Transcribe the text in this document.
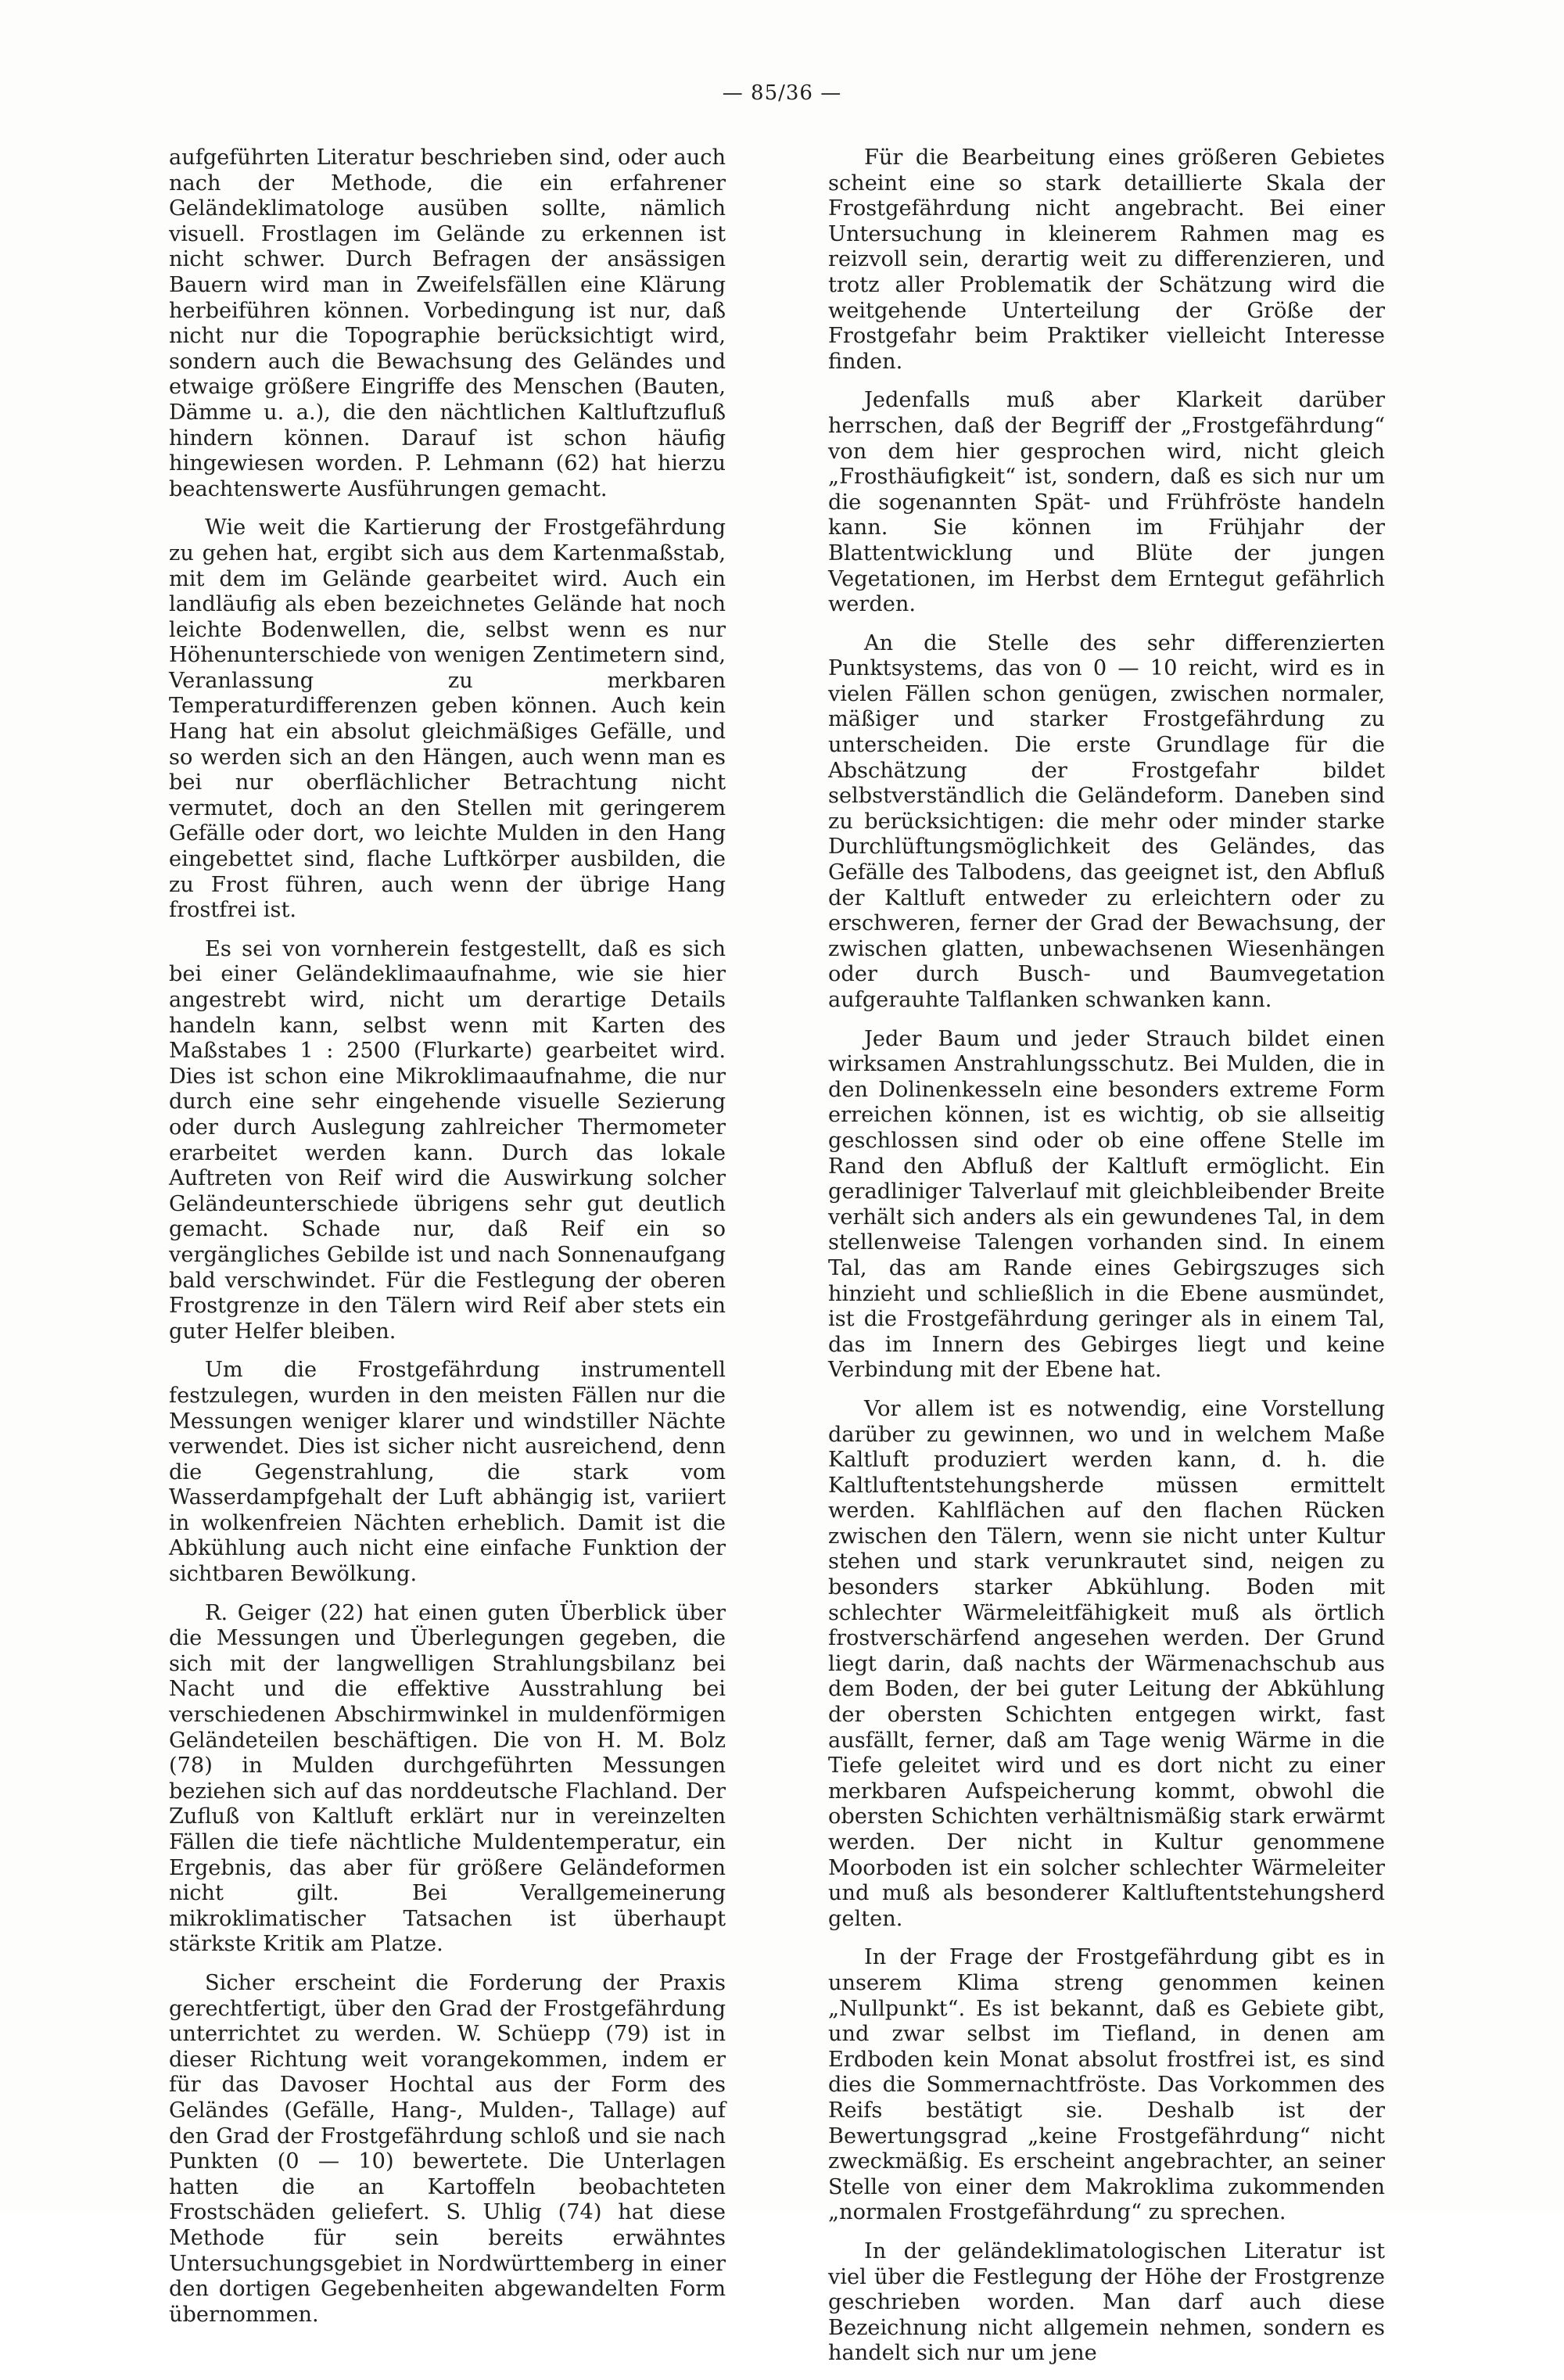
— 85/36 —

aufgeführten Literatur beschrieben sind, oder auch nach der Methode, die ein erfahrener Geländeklimatologe ausüben sollte, nämlich visuell. Frostlagen im Gelände zu erkennen ist nicht schwer. Durch Befragen der ansässigen Bauern wird man in Zweifelsfällen eine Klärung herbeiführen können. Vorbedingung ist nur, daß nicht nur die Topographie berücksichtigt wird, sondern auch die Bewachsung des Geländes und etwaige größere Eingriffe des Menschen (Bauten, Dämme u. a.), die den nächtlichen Kaltluftzufluß hindern können. Darauf ist schon häufig hingewiesen worden. P. Lehmann (62) hat hierzu beachtenswerte Ausführungen gemacht.

Wie weit die Kartierung der Frostgefährdung zu gehen hat, ergibt sich aus dem Kartenmaßstab, mit dem im Gelände gearbeitet wird. Auch ein landläufig als eben bezeichnetes Gelände hat noch leichte Bodenwellen, die, selbst wenn es nur Höhenunterschiede von wenigen Zentimetern sind, Veranlassung zu merkbaren Temperaturdifferenzen geben können. Auch kein Hang hat ein absolut gleichmäßiges Gefälle, und so werden sich an den Hängen, auch wenn man es bei nur oberflächlicher Betrachtung nicht vermutet, doch an den Stellen mit geringerem Gefälle oder dort, wo leichte Mulden in den Hang eingebettet sind, flache Luftkörper ausbilden, die zu Frost führen, auch wenn der übrige Hang frostfrei ist.

Es sei von vornherein festgestellt, daß es sich bei einer Geländeklimaaufnahme, wie sie hier angestrebt wird, nicht um derartige Details handeln kann, selbst wenn mit Karten des Maßstabes 1 : 2500 (Flurkarte) gearbeitet wird. Dies ist schon eine Mikroklimaaufnahme, die nur durch eine sehr eingehende visuelle Sezierung oder durch Auslegung zahlreicher Thermometer erarbeitet werden kann. Durch das lokale Auftreten von Reif wird die Auswirkung solcher Geländeunterschiede übrigens sehr gut deutlich gemacht. Schade nur, daß Reif ein so vergängliches Gebilde ist und nach Sonnenaufgang bald verschwindet. Für die Festlegung der oberen Frostgrenze in den Tälern wird Reif aber stets ein guter Helfer bleiben.

Um die Frostgefährdung instrumentell festzulegen, wurden in den meisten Fällen nur die Messungen weniger klarer und windstiller Nächte verwendet. Dies ist sicher nicht ausreichend, denn die Gegenstrahlung, die stark vom Wasserdampfgehalt der Luft abhängig ist, variiert in wolkenfreien Nächten erheblich. Damit ist die Abkühlung auch nicht eine einfache Funktion der sichtbaren Bewölkung.

R. Geiger (22) hat einen guten Überblick über die Messungen und Überlegungen gegeben, die sich mit der langwelligen Strahlungsbilanz bei Nacht und die effektive Ausstrahlung bei verschiedenen Abschirmwinkel in muldenförmigen Geländeteilen beschäftigen. Die von H. M. Bolz (78) in Mulden durchgeführten Messungen beziehen sich auf das norddeutsche Flachland. Der Zufluß von Kaltluft erklärt nur in vereinzelten Fällen die tiefe nächtliche Muldentemperatur, ein Ergebnis, das aber für größere Geländeformen nicht gilt. Bei Verallgemeinerung mikroklimatischer Tatsachen ist überhaupt stärkste Kritik am Platze.

Sicher erscheint die Forderung der Praxis gerechtfertigt, über den Grad der Frostgefährdung unterrichtet zu werden. W. Schüepp (79) ist in dieser Richtung weit vorangekommen, indem er für das Davoser Hochtal aus der Form des Geländes (Gefälle, Hang-, Mulden-, Tallage) auf den Grad der Frostgefährdung schloß und sie nach Punkten (0 — 10) bewertete. Die Unterlagen hatten die an Kartoffeln beobachteten Frostschäden geliefert. S. Uhlig (74) hat diese Methode für sein bereits erwähntes Untersuchungsgebiet in Nordwürttemberg in einer den dortigen Gegebenheiten abgewandelten Form übernommen.

Für die Bearbeitung eines größeren Gebietes scheint eine so stark detaillierte Skala der Frostgefährdung nicht angebracht. Bei einer Untersuchung in kleinerem Rahmen mag es reizvoll sein, derartig weit zu differenzieren, und trotz aller Problematik der Schätzung wird die weitgehende Unterteilung der Größe der Frostgefahr beim Praktiker vielleicht Interesse finden.

Jedenfalls muß aber Klarkeit darüber herrschen, daß der Begriff der „Frostgefährdung“ von dem hier gesprochen wird, nicht gleich „Frosthäufigkeit“ ist, sondern, daß es sich nur um die sogenannten Spät- und Frühfröste handeln kann. Sie können im Frühjahr der Blattentwicklung und Blüte der jungen Vegetationen, im Herbst dem Erntegut gefährlich werden.

An die Stelle des sehr differenzierten Punktsystems, das von 0 — 10 reicht, wird es in vielen Fällen schon genügen, zwischen normaler, mäßiger und starker Frostgefährdung zu unterscheiden. Die erste Grundlage für die Abschätzung der Frostgefahr bildet selbstverständlich die Geländeform. Daneben sind zu berücksichtigen: die mehr oder minder starke Durchlüftungsmöglichkeit des Geländes, das Gefälle des Talbodens, das geeignet ist, den Abfluß der Kaltluft entweder zu erleichtern oder zu erschweren, ferner der Grad der Bewachsung, der zwischen glatten, unbewachsenen Wiesenhängen oder durch Busch- und Baumvegetation aufgerauhte Talflanken schwanken kann.

Jeder Baum und jeder Strauch bildet einen wirksamen Anstrahlungsschutz. Bei Mulden, die in den Dolinenkesseln eine besonders extreme Form erreichen können, ist es wichtig, ob sie allseitig geschlossen sind oder ob eine offene Stelle im Rand den Abfluß der Kaltluft ermöglicht. Ein geradliniger Talverlauf mit gleichbleibender Breite verhält sich anders als ein gewundenes Tal, in dem stellenweise Talengen vorhanden sind. In einem Tal, das am Rande eines Gebirgszuges sich hinzieht und schließlich in die Ebene ausmündet, ist die Frostgefährdung geringer als in einem Tal, das im Innern des Gebirges liegt und keine Verbindung mit der Ebene hat.

Vor allem ist es notwendig, eine Vorstellung darüber zu gewinnen, wo und in welchem Maße Kaltluft produziert werden kann, d. h. die Kaltluftentstehungsherde müssen ermittelt werden. Kahlflächen auf den flachen Rücken zwischen den Tälern, wenn sie nicht unter Kultur stehen und stark verunkrautet sind, neigen zu besonders starker Abkühlung. Boden mit schlechter Wärmeleitfähigkeit muß als örtlich frostverschärfend angesehen werden. Der Grund liegt darin, daß nachts der Wärmenachschub aus dem Boden, der bei guter Leitung der Abkühlung der obersten Schichten entgegen wirkt, fast ausfällt, ferner, daß am Tage wenig Wärme in die Tiefe geleitet wird und es dort nicht zu einer merkbaren Aufspeicherung kommt, obwohl die obersten Schichten verhältnismäßig stark erwärmt werden. Der nicht in Kultur genommene Moorboden ist ein solcher schlechter Wärmeleiter und muß als besonderer Kaltluftentstehungsherd gelten.

In der Frage der Frostgefährdung gibt es in unserem Klima streng genommen keinen „Nullpunkt“. Es ist bekannt, daß es Gebiete gibt, und zwar selbst im Tiefland, in denen am Erdboden kein Monat absolut frostfrei ist, es sind dies die Sommernachtfröste. Das Vorkommen des Reifs bestätigt sie. Deshalb ist der Bewertungsgrad „keine Frostgefährdung“ nicht zweckmäßig. Es erscheint angebrachter, an seiner Stelle von einer dem Makroklima zukommenden „normalen Frostgefährdung“ zu sprechen.

In der geländeklimatologischen Literatur ist viel über die Festlegung der Höhe der Frostgrenze geschrieben worden. Man darf auch diese Bezeichnung nicht allgemein nehmen, sondern es handelt sich nur um jene
